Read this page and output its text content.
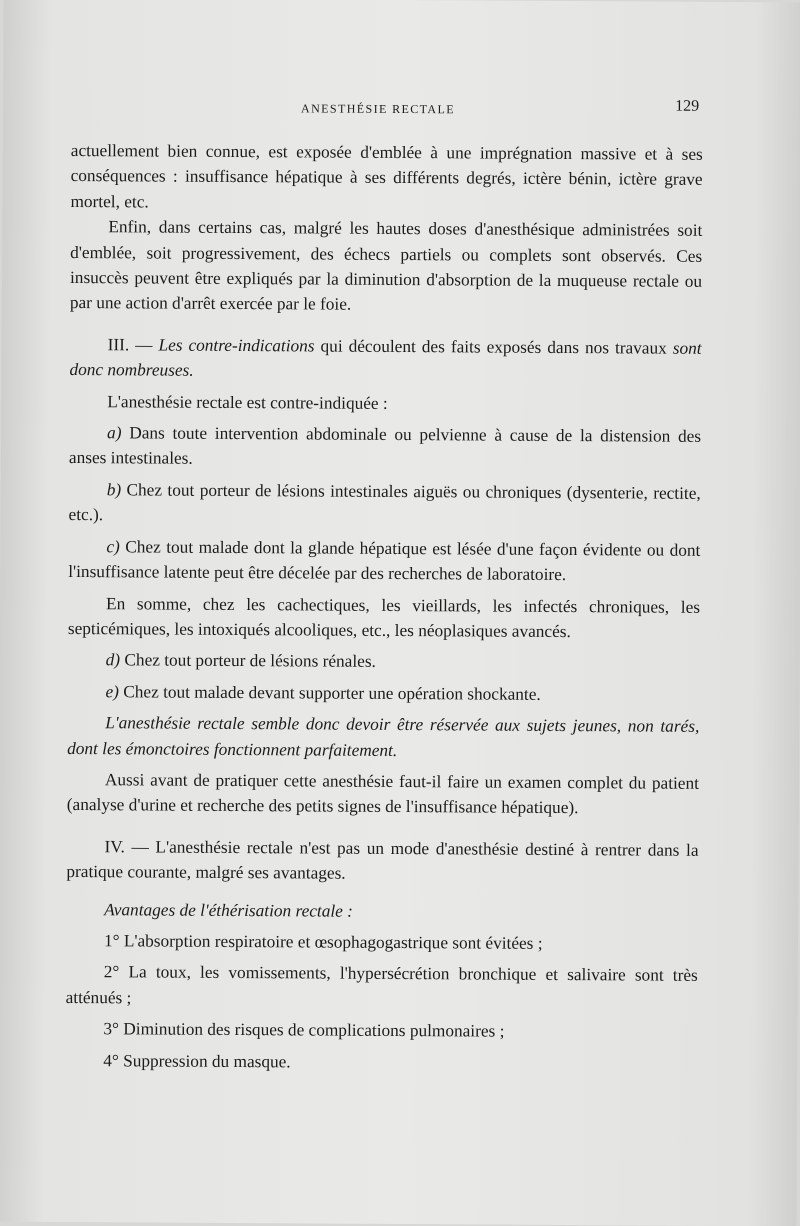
ANESTHÉSIE RECTALE	129

actuellement bien connue, est exposée d'emblée à une imprégnation massive et à ses conséquences : insuffisance hépatique à ses différents degrés, ictère bénin, ictère grave mortel, etc.

Enfin, dans certains cas, malgré les hautes doses d'anesthésique administrées soit d'emblée, soit progressivement, des échecs partiels ou complets sont observés. Ces insuccès peuvent être expliqués par la diminution d'absorption de la muqueuse rectale ou par une action d'arrêt exercée par le foie.

III. — Les contre-indications qui découlent des faits exposés dans nos travaux sont donc nombreuses.

L'anesthésie rectale est contre-indiquée :

a) Dans toute intervention abdominale ou pelvienne à cause de la distension des anses intestinales.

b) Chez tout porteur de lésions intestinales aiguës ou chroniques (dysenterie, rectite, etc.).

c) Chez tout malade dont la glande hépatique est lésée d'une façon évidente ou dont l'insuffisance latente peut être décelée par des recherches de laboratoire.

En somme, chez les cachectiques, les vieillards, les infectés chroniques, les septicémiques, les intoxiqués alcooliques, etc., les néoplasiques avancés.

d) Chez tout porteur de lésions rénales.

e) Chez tout malade devant supporter une opération shockante.

L'anesthésie rectale semble donc devoir être réservée aux sujets jeunes, non tarés, dont les émonctoires fonctionnent parfaitement.

Aussi avant de pratiquer cette anesthésie faut-il faire un examen complet du patient (analyse d'urine et recherche des petits signes de l'insuffisance hépatique).

IV. — L'anesthésie rectale n'est pas un mode d'anesthésie destiné à rentrer dans la pratique courante, malgré ses avantages.

Avantages de l'éthérisation rectale :

1° L'absorption respiratoire et œsophagogastrique sont évitées ;

2° La toux, les vomissements, l'hypersécrétion bronchique et salivaire sont très atténués ;

3° Diminution des risques de complications pulmonaires ;

4° Suppression du masque.
